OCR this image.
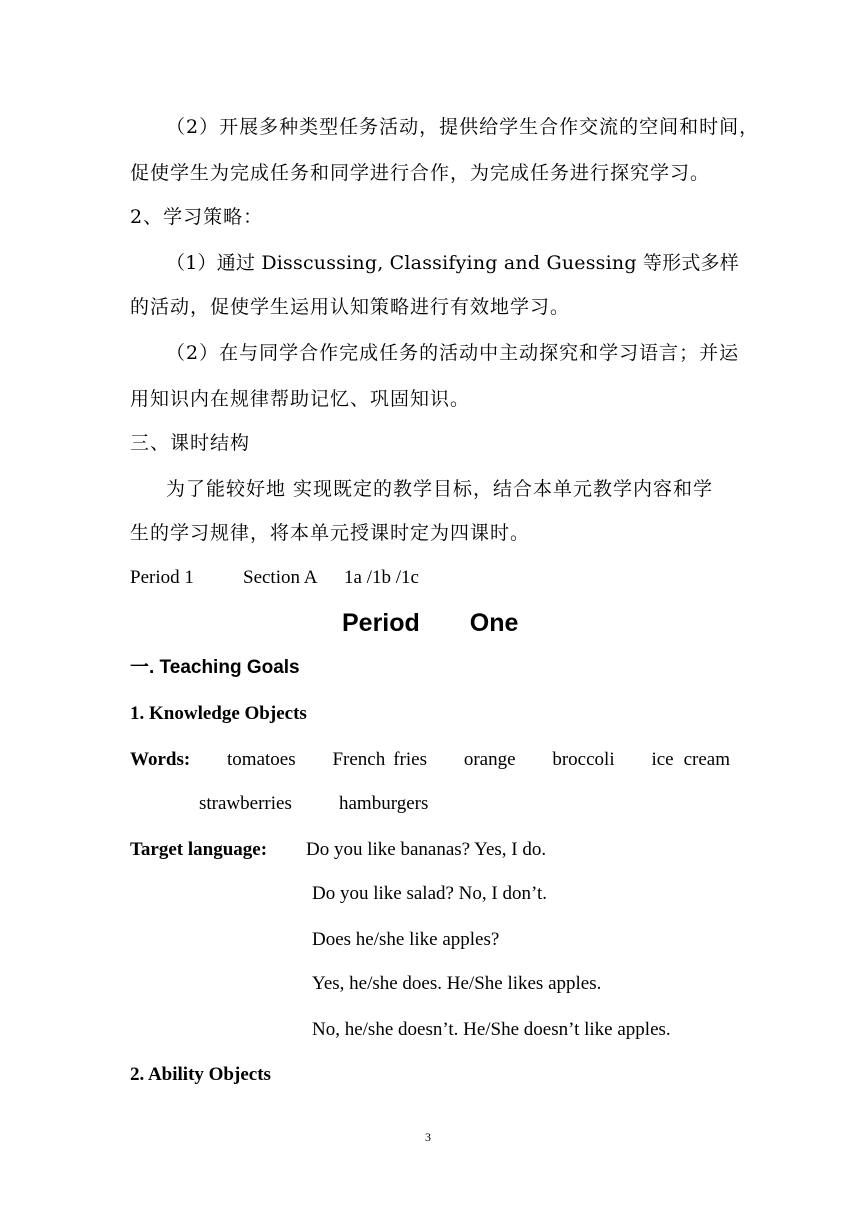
（2）开展多种类型任务活动，提供给学生合作交流的空间和时间，
促使学生为完成任务和同学进行合作，为完成任务进行探究学习。
2、学习策略：
（1）通过 Disscussing, Classifying and Guessing 等形式多样
的活动，促使学生运用认知策略进行有效地学习。
（2）在与同学合作完成任务的活动中主动探究和学习语言；并运
用知识内在规律帮助记忆、巩固知识。
三、课时结构
为了能较好地 实现既定的教学目标，结合本单元教学内容和学
生的学习规律，将本单元授课时定为四课时。
Period 1	Section A 1a /1b /1c
Period One
一. Teaching Goals
1. Knowledge Objects
Words: tomatoes French fries orange broccoli ice cream
strawberries hamburgers
Target language: Do you like bananas? Yes, I do.
Do you like salad? No, I don’t.
Does he/she like apples?
Yes, he/she does. He/She likes apples.
No, he/she doesn’t. He/She doesn’t like apples.
2. Ability Objects
3
